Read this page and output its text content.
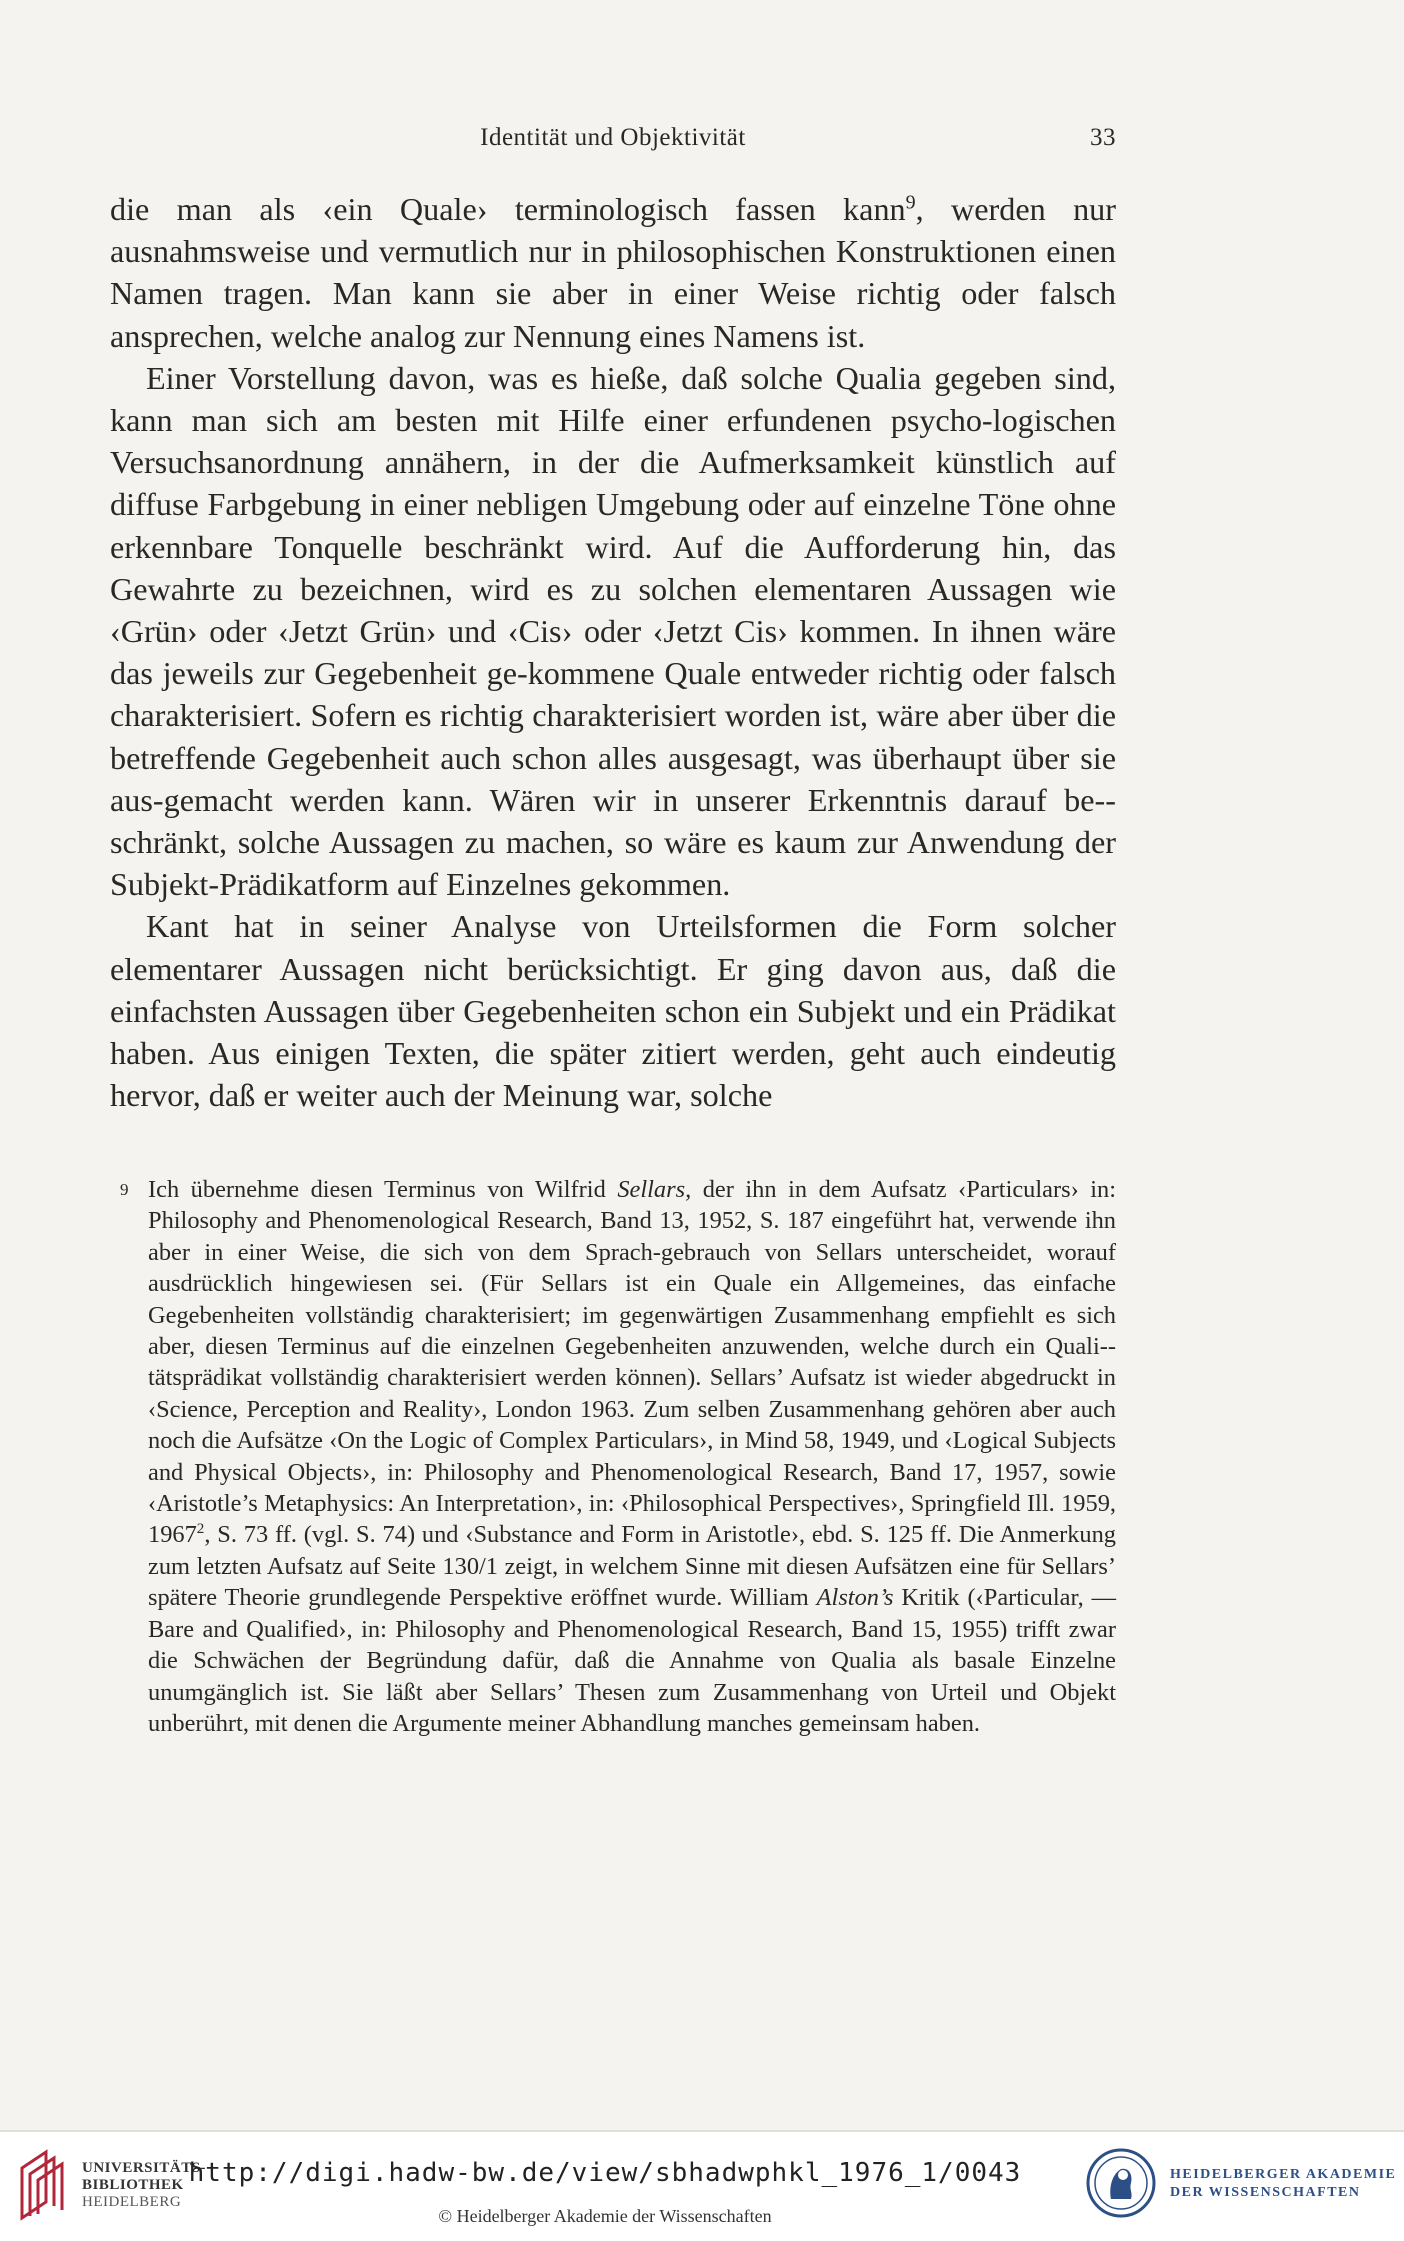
Identität und Objektivität	33

die man als ‹ein Quale› terminologisch fassen kann$^9$, werden nur ausnahmsweise und vermutlich nur in philosophischen Konstruktionen einen Namen tragen. Man kann sie aber in einer Weise richtig oder falsch ansprechen, welche analog zur Nennung eines Namens ist.

Einer Vorstellung davon, was es hieße, daß solche Qualia gegeben sind, kann man sich am besten mit Hilfe einer erfundenen psycho-logischen Versuchsanordnung annähern, in der die Aufmerksamkeit künstlich auf diffuse Farbgebung in einer nebligen Umgebung oder auf einzelne Töne ohne erkennbare Tonquelle beschränkt wird. Auf die Aufforderung hin, das Gewahrte zu bezeichnen, wird es zu solchen elementaren Aussagen wie ‹Grün› oder ‹Jetzt Grün› und ‹Cis› oder ‹Jetzt Cis› kommen. In ihnen wäre das jeweils zur Gegebenheit ge-kommene Quale entweder richtig oder falsch charakterisiert. Sofern es richtig charakterisiert worden ist, wäre aber über die betreffende Gegebenheit auch schon alles ausgesagt, was überhaupt über sie aus-gemacht werden kann. Wären wir in unserer Erkenntnis darauf be-schränkt, solche Aussagen zu machen, so wäre es kaum zur Anwendung der Subjekt-Prädikatform auf Einzelnes gekommen.

Kant hat in seiner Analyse von Urteilsformen die Form solcher elementarer Aussagen nicht berücksichtigt. Er ging davon aus, daß die einfachsten Aussagen über Gegebenheiten schon ein Subjekt und ein Prädikat haben. Aus einigen Texten, die später zitiert werden, geht auch eindeutig hervor, daß er weiter auch der Meinung war, solche

9 Ich übernehme diesen Terminus von Wilfrid Sellars, der ihn in dem Aufsatz ‹Particulars› in: Philosophy and Phenomenological Research, Band 13, 1952, S. 187 eingeführt hat, verwende ihn aber in einer Weise, die sich von dem Sprach-gebrauch von Sellars unterscheidet, worauf ausdrücklich hingewiesen sei. (Für Sellars ist ein Quale ein Allgemeines, das einfache Gegebenheiten vollständig charakterisiert; im gegenwärtigen Zusammenhang empfiehlt es sich aber, diesen Terminus auf die einzelnen Gegebenheiten anzuwenden, welche durch ein Quali-tätsprädikat vollständig charakterisiert werden können). Sellars’ Aufsatz ist wieder abgedruckt in ‹Science, Perception and Reality›, London 1963. Zum selben Zusammenhang gehören aber auch noch die Aufsätze ‹On the Logic of Complex Particulars›, in Mind 58, 1949, und ‹Logical Subjects and Physical Objects›, in: Philosophy and Phenomenological Research, Band 17, 1957, sowie ‹Aristotle’s Metaphysics: An Interpretation›, in: ‹Philosophical Perspectives›, Springfield Ill. 1959, 1967$^2$, S. 73 ff. (vgl. S. 74) und ‹Substance and Form in Aristotle›, ebd. S. 125 ff. Die Anmerkung zum letzten Aufsatz auf Seite 130/1 zeigt, in welchem Sinne mit diesen Aufsätzen eine für Sellars’ spätere Theorie grundlegende Perspektive eröffnet wurde. William Alston’s Kritik (‹Particular, — Bare and Qualified›, in: Philosophy and Phenomenological Research, Band 15, 1955) trifft zwar die Schwächen der Begründung dafür, daß die Annahme von Qualia als basale Einzelne unumgänglich ist. Sie läßt aber Sellars’ Thesen zum Zusammenhang von Urteil und Objekt unberührt, mit denen die Argumente meiner Abhandlung manches gemeinsam haben.
UNIVERSITÄTS-
BIBLIOTHEK
HEIDELBERG
http://digi.hadw-bw.de/view/sbhadwphkl_1976_1/0043
© Heidelberger Akademie der Wissenschaften
HEIDELBERGER AKADEMIE
DER WISSENSCHAFTEN
